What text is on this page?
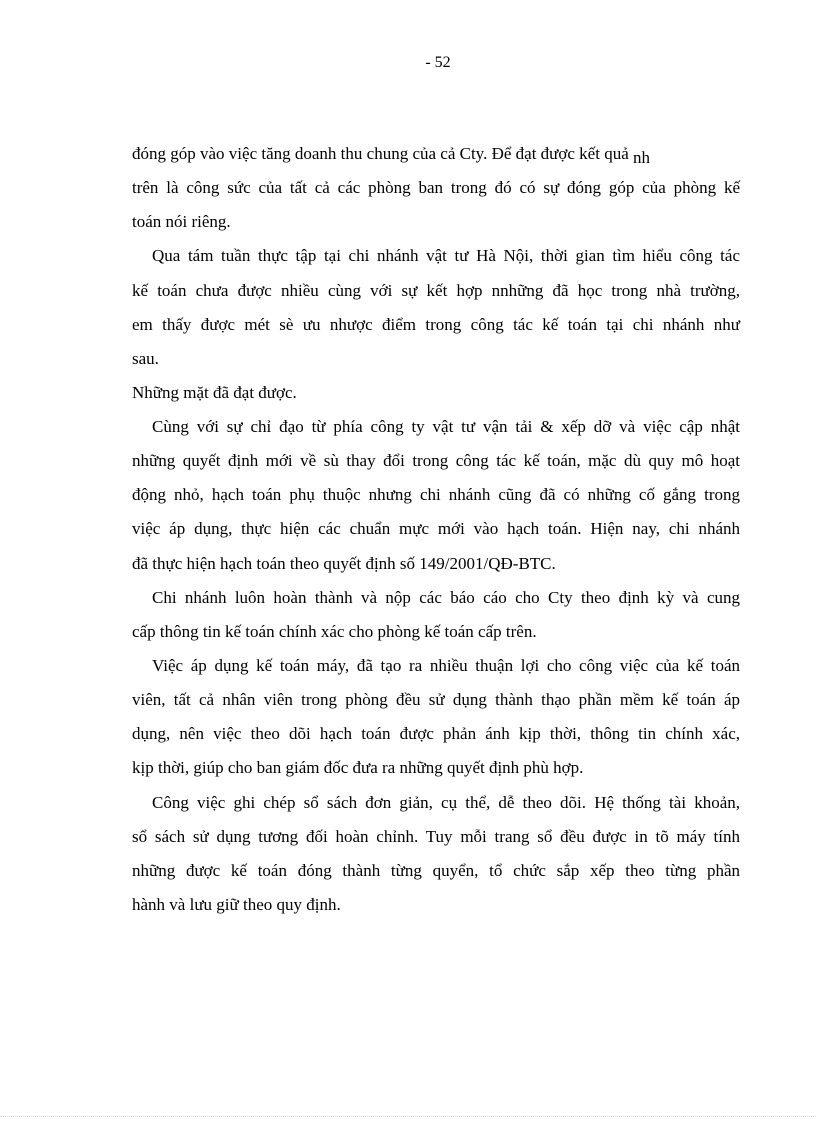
- 52
đóng góp vào việc tăng doanh thu chung của cả Cty. Để đạt được kết quả nh
trên là công sức của tất cả các phòng ban trong đó có sự đóng góp của phòng kế
toán nói riêng.
Qua tám tuần thực tập tại chi nhánh vật tư Hà Nội, thời gian tìm hiểu công tác
kế toán chưa được nhiều cùng với sự kết hợp nnhững đã học trong nhà trường,
em thấy được mét sè ưu nhược điểm trong công tác kế toán tại chi nhánh như
sau.
Những mặt đã đạt được.
Cùng với sự chỉ đạo từ phía công ty vật tư vận tải & xếp dỡ và việc cập nhật
những quyết định mới về sù thay đổi trong công tác kế toán, mặc dù quy mô hoạt
động nhỏ, hạch toán phụ thuộc nhưng chi nhánh cũng đã có những cố gắng trong
việc áp dụng, thực hiện các chuẩn mực mới vào hạch toán. Hiện nay, chi nhánh
đã thực hiện hạch toán theo quyết định số 149/2001/QĐ-BTC.
Chi nhánh luôn hoàn thành và nộp các báo cáo cho Cty theo định kỳ và cung
cấp thông tin kế toán chính xác cho phòng kế toán cấp trên.
Việc áp dụng kế toán máy, đã tạo ra nhiều thuận lợi cho công việc của kế toán
viên, tất cả nhân viên trong phòng đều sử dụng thành thạo phần mềm kế toán áp
dụng, nên việc theo dõi hạch toán được phản ánh kịp thời, thông tin chính xác,
kịp thời, giúp cho ban giám đốc đưa ra những quyết định phù hợp.
Công việc ghi chép sổ sách đơn giản, cụ thể, dễ theo dõi. Hệ thống tài khoản,
sổ sách sử dụng tương đối hoàn chỉnh. Tuy mỗi trang sổ đều được in tõ máy tính
những được kế toán đóng thành từng quyển, tổ chức sắp xếp theo từng phần
hành và lưu giữ theo quy định.
